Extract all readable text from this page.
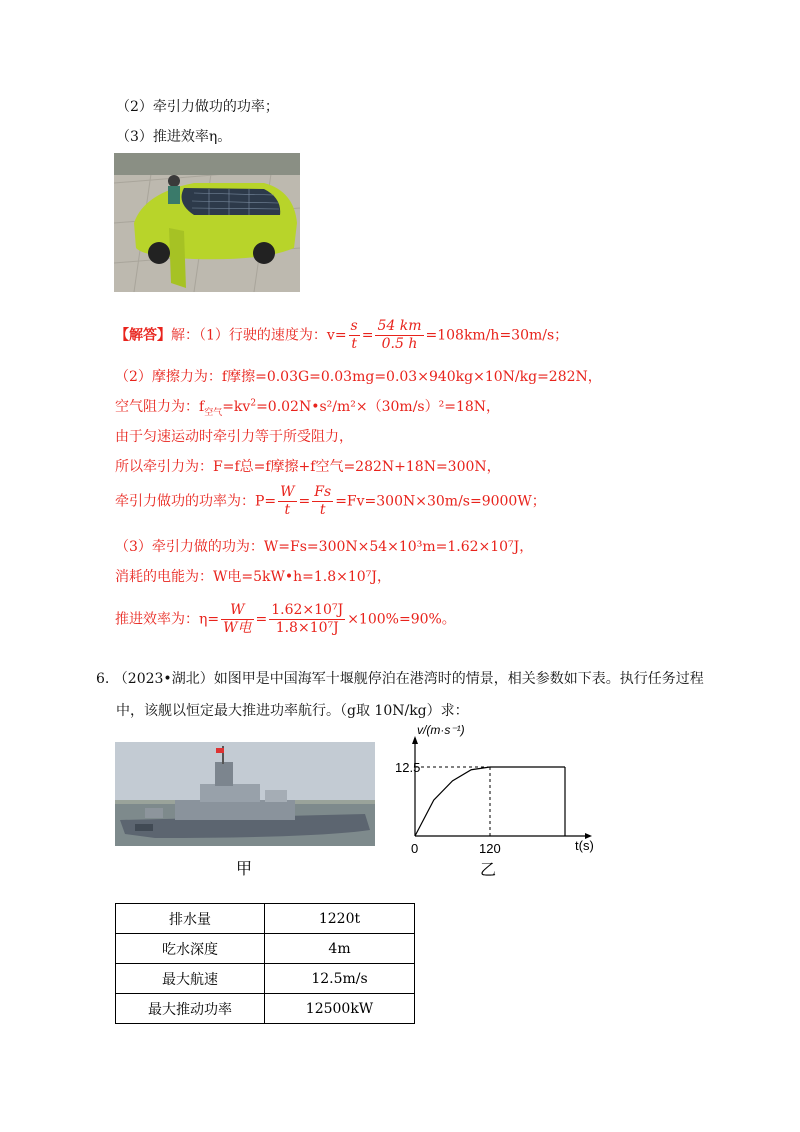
（2）牵引力做功的功率；
（3）推进效率η。
【解答】解：（1）行驶的速度为：$v= \frac{s}{t} = \frac{54 km}{0.5 h} =108km/h=30m/s$；
（2）摩擦力为：f摩擦=0.03G=0.03mg=0.03×940kg×10N/kg=282N，
空气阻力为：$f_{空气}=kv^2=0.02N•s^2/m^2\times(30m/s)^2=18N$，
由于匀速运动时牵引力等于所受阻力，
所以牵引力为：F=f总=f摩擦+f空气=282N+18N=300N，
牵引力做功的功率为：$P= \frac{W}{t} = \frac{Fs}{t} =Fv=300N\times 30m/s=9000W$；
（3）牵引力做的功为：W=Fs=300N×54×10³m=1.62×10⁷J，
消耗的电能为：W电=5kW•h=1.8×10⁷J，
推进效率为：$\eta= \frac{W}{\text{W电}} = \frac{\text{1.62×10⁷J}}{\text{1.8×10⁷J}} \times 100\%=90\%$。
6. （2023•湖北）如图甲是中国海军十堰舰停泊在港湾时的情景，相关参数如下表。执行任务过程
中，该舰以恒定最大推进功率航行。（g取 10N/kg）求：
甲
12.5
0	120
v/(m·s⁻¹)
t(s)
乙
排水量	1220t
吃水深度	4m
最大航速	12.5m/s
最大推动功率	12500kW
